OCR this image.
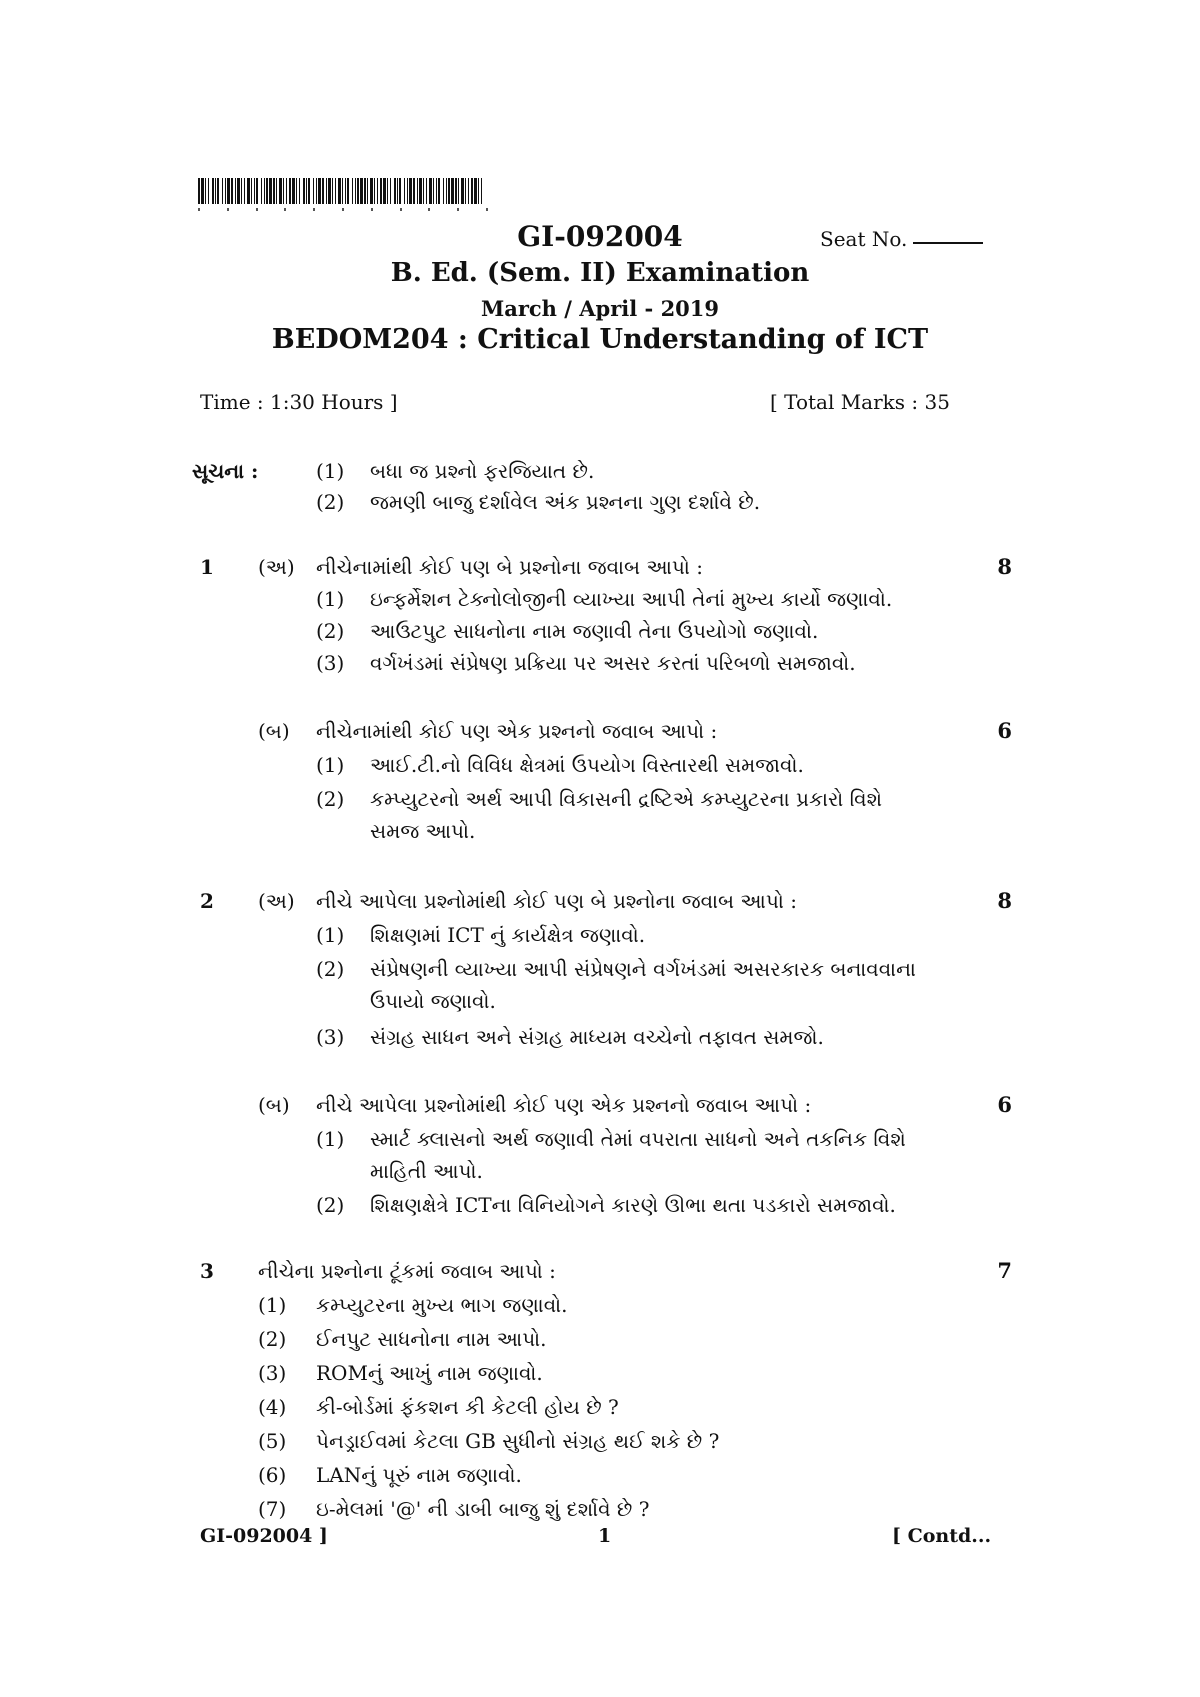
GI-092004	Seat No.
B. Ed. (Sem. II) Examination
March / April - 2019
BEDOM204 : Critical Understanding of ICT
Time : 1:30 Hours ]	[ Total Marks : 35
સૂચના :	(1) બધા જ પ્રશ્નો ફરજિયાત છે.
(2) જમણી બાજુ દર્શાવેલ અંક પ્રશ્નના ગુણ દર્શાવે છે.
1 (અ) નીચેનામાંથી કોઈ પણ બે પ્રશ્નોના જવાબ આપો :	8
(1) ઇન્ફર્મેશન ટેક્નોલોજીની વ્યાખ્યા આપી તેનાં મુખ્ય કાર્યો જણાવો.
(2) આઉટપુટ સાધનોના નામ જણાવી તેના ઉપયોગો જણાવો.
(3) વર્ગખંડમાં સંપ્રેષણ પ્રક્રિયા પર અસર કરતાં પરિબળો સમજાવો.
(બ) નીચેનામાંથી કોઈ પણ એક પ્રશ્નનો જવાબ આપો :	6
(1) આઈ.ટી.નો વિવિધ ક્ષેત્રમાં ઉપયોગ વિસ્તારથી સમજાવો.
(2) કમ્પ્યુટરનો અર્થ આપી વિકાસની દ્રષ્ટિએ કમ્પ્યુટરના પ્રકારો વિશે
સમજ આપો.
2 (અ) નીચે આપેલા પ્રશ્નોમાંથી કોઈ પણ બે પ્રશ્નોના જવાબ આપો :	8
(1) શિક્ષણમાં ICT નું કાર્યક્ષેત્ર જણાવો.
(2) સંપ્રેષણની વ્યાખ્યા આપી સંપ્રેષણને વર્ગખંડમાં અસરકારક બનાવવાના
ઉપાયો જણાવો.
(3) સંગ્રહ સાધન અને સંગ્રહ માધ્યમ વચ્ચેનો તફાવત સમજો.
(બ) નીચે આપેલા પ્રશ્નોમાંથી કોઈ પણ એક પ્રશ્નનો જવાબ આપો :	6
(1) સ્માર્ટ ક્લાસનો અર્થ જણાવી તેમાં વપરાતા સાધનો અને તકનિક વિશે
માહિતી આપો.
(2) શિક્ષણક્ષેત્રે ICTના વિનિયોગને કારણે ઊભા થતા પડકારો સમજાવો.
3 નીચેના પ્રશ્નોના ટૂંકમાં જવાબ આપો :	7
(1) કમ્પ્યુટરના મુખ્ય ભાગ જણાવો.
(2) ઈનપુટ સાધનોના નામ આપો.
(3) ROMનું આખું નામ જણાવો.
(4) કી-બોર્ડમાં ફંકશન કી કેટલી હોય છે ?
(5) પેનડ્રાઈવમાં કેટલા GB સુધીનો સંગ્રહ થઈ શકે છે ?
(6) LANનું પૂરું નામ જણાવો.
(7) ઇ-મેલમાં '@' ની ડાબી બાજુ શું દર્શાવે છે ?
GI-092004 ]	1	[ Contd...
